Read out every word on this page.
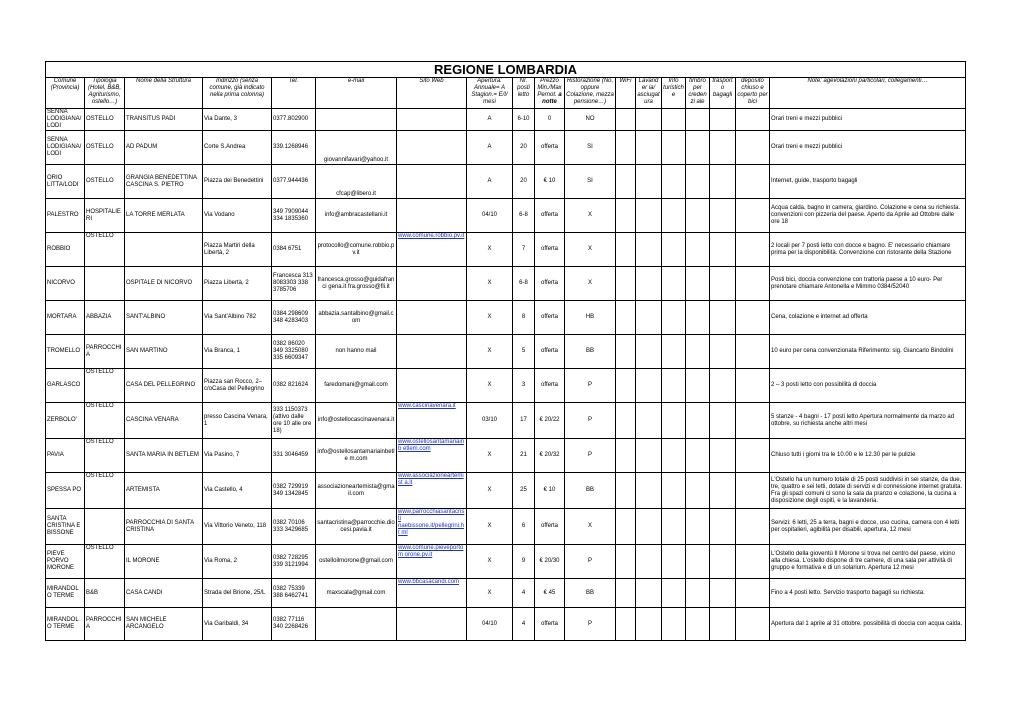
REGIONE LOMBARDIA																	
Comune (Provincia)	Tipologia (Hotel, B&B, Agriturismo, ostello…)	Nome della Struttura	Indirizzo (senza comune, già indicato nella prima colonna)	Tel.	e-mail	Sito Web	Apertura: Annuale= A Stagion.= E/I/ mesi	Nr. posti letto	Prezzo Min./Max Pernot. a notte	Ristorazione (No, oppure Colazione, mezza pensione…)	WiFi	Lavander ia/ asciugat ura	Info turistich e	timbro per credenzi ale	trasporto bagagli	deposito chiuso e coperto per bici	Note: agevolazioni particolari, collegamenti…
SENNA LODIGIANA/ LODI	OSTELLO	TRANSITUS PADI	Via Dante, 3	0377.802900			A	6-10	0	NO							Orari treni e mezzi pubblici
SENNA LODIGIANA/ LODI	OSTELLO	AD PADUM	Corte S.Andrea	339.1268946	giovannifavari@yahoo.it		A	20	offerta	SI							Orari treni e mezzi pubblici
ORIO LITTA/LODI	OSTELLO	GRANGIA BENEDETTINA CASCINA S. PIETRO	Piazza dei Benedettini	0377.944436	cfcap@libero.it		A	20	€ 10	SI							Internet, guide, trasporto bagagli
PALESTRO	HOSPITALIERI	LA TORRE MERLATA	Via Vodano	349 7909044 334 1835360	info@ambracastellani.it		04/10	6-8	offerta	X							Acqua calda, bagno in camera, giardino. Colazione e cena su richiesta. convenzioni con pizzeria del paese. Aperto da Aprile ad Ottobre dalle ore 18
ROBBIO	OSTELLO		Piazza Martiri della Libertà, 2	0384 6751	protocollo@comune.robbio.pv.it	www.comune.robbio.pv.it	X	7	offerta	X							2 locali per 7 posti letto con docce e bagno. E' necessario chiamare prima per la disponibilità. Convenzione con ristorante della Stazione
NICORVO		OSPITALE DI NICORVO	Piazza Libertà, 2	Francesca 313 8083303 338 3785706	francesca.grosso@guidafranci gena.it fra.grosso@fli.it		X	6-8	offerta	X							Posti bici, doccia convenzione con trattoria paese a 10 euro- Per prenotare chiamare Antonella e Mimmo 0384/52040
MORTARA	ABBAZIA	SANT'ALBINO	Via Sant'Albino 782	0384 298609 348 4283403	abbazia.santalbino@gmail.com		X	8	offerta	HB							Cena, colazione e internet ad offerta
TROMELLO	PARROCCHIA	SAN MARTINO	Via Branca, 1	0382 86020 349 3325080 335 6609347	non hanno mail		X	5	offerta	BB							10 euro per cena convenzionata Riferimento: sig. Giancarlo Bindolini
GARLASCO	OSTELLO	CASA DEL PELLEGRINO	Piazza san Rocco, 2– c/oCasa del Pellegrino	0382 821624	faredomani@gmail.com		X	3	offerta	P							2 – 3 posti letto con possibilità di doccia
ZERBOLO'	OSTELLO	CASCINA VENARA	presso Cascina Venara, 1	333 1150373 (attivo dalle ore 10 alle ore 18)	info@ostellocascinavenara.it	www.cascinavenara.it	03/10	17	€ 20/22	P							5 stanze - 4 bagni - 17 posti letto Apertura normalmente da marzo ad ottobre, su richiesta anche altri mesi
PAVIA	OSTELLO	SANTA MARIA IN BETLEM	Via Pasino, 7	331 3046459	info@ostellosantamariainbetle m.com	www.ostellosantamariainb etlem.com	X	21	€ 20/32	P							Chiuso tutti i giorni tra le 10.00 e le 12.30 per le pulizie
SPESSA PO	OSTELLO	ARTEMISTA	Via Castello, 4	0382 729919 349 1342845	associazioneartemista@gmail.com	www.associazioneartemist a.it	X	25	€ 10	BB							L'Ostello ha un numero totale di 25 posti suddivisi in sei stanze, da due, tre, quattro e sei letti, dotate di servizi e di connessione internet gratuita. Fra gli spazi comuni ci sono la sala da pranzo e colazione, la cucina a disposizione degli ospiti, e la lavanderia.
SANTA CRISTINA E BISSONE		PARROCCHIA DI SANTA CRISTINA	Via Vittorio Veneto, 118	0382 70106 333 3429685	santacristina@parrocchie.diocesi.pavia.it	www.parrocchiasantacristi naebissone.it/pellegrini.ht ml	X	6	offerta	X							Servizi: 6 letti, 25 a terra, bagni e docce, uso cucina, camera con 4 letti per ospitalieri, agibilità per disabili, apertura, 12 mesi
PIEVE PORVO MORONE	OSTELLO	IL MORONE	Via Roma, 2	0382 728295 339 3121994	ostelloilmorone@gmail.com	www.comune.pieveportom orone.pv.it	X	9	€ 20/30	P							L'Ostello della gioventù Il Morone si trova nel centro del paese, vicino alla chiesa. L'ostello dispone di tre camere, di una sala per attività di gruppo e formativa e di un solarium. Apertura 12 mesi
MIRANDOL O TERME	B&B	CASA CANDI	Strada del Brione, 25/L	0382 75339 388 6462741	maxscala@gmail.com	www.bbcasacandi.com	X	4	€ 45	BB							Fino a 4 posti letto. Servizio trasporto bagagli su richiesta.
MIRANDOL O TERME	PARROCCHIA	SAN MICHELE ARCANGELO	Via Garibaldi, 34	0382 77116 340 2268426			04/10	4	offerta	P							Apertura dal 1 aprile al 31 ottobre. possibilità di doccia con acqua calda.
